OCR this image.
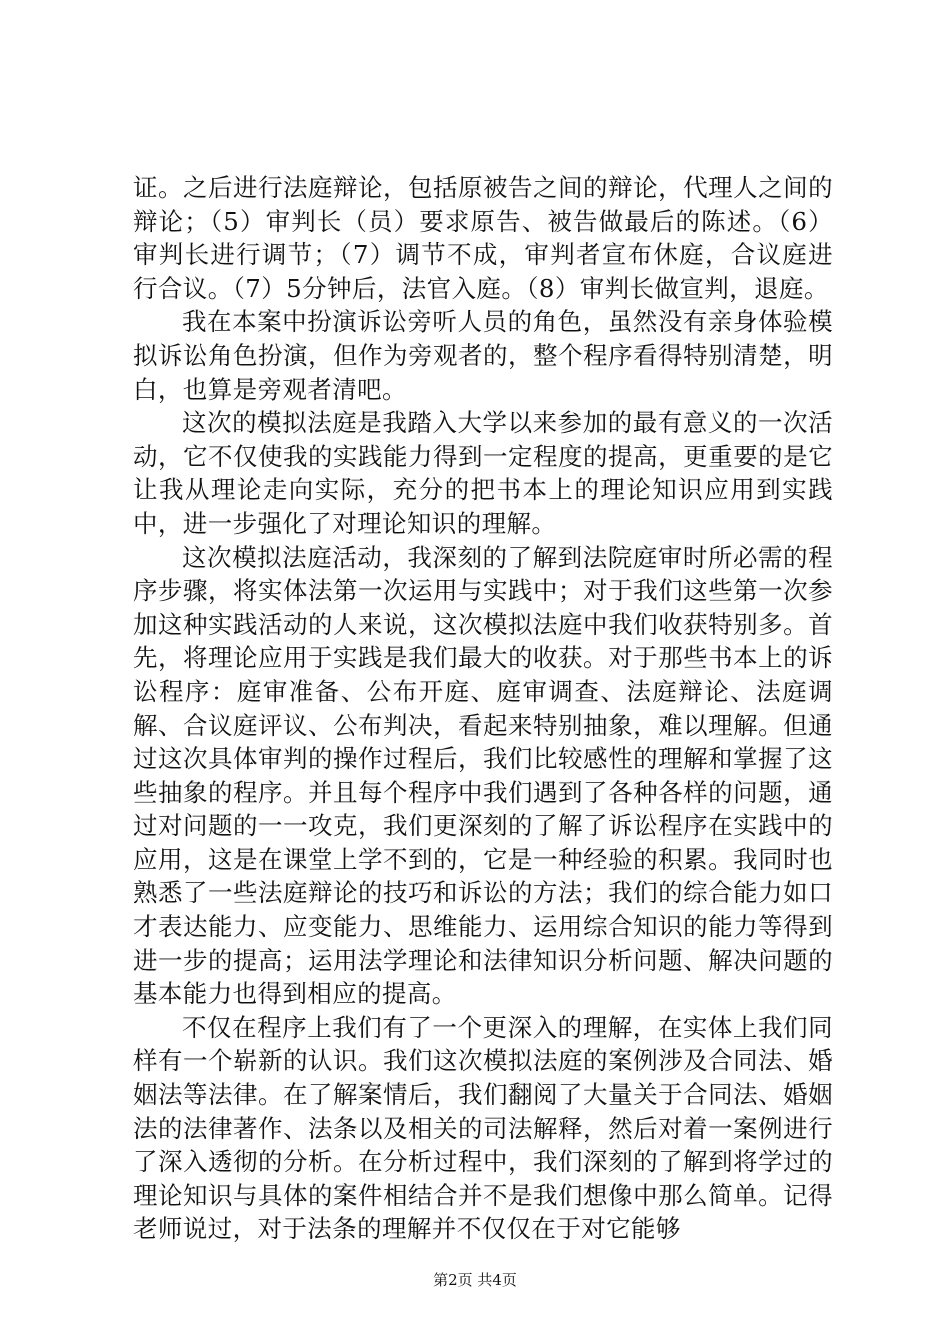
证。之后进行法庭辩论，包括原被告之间的辩论，代理人之间的辩论；（5）审判长（员）要求原告、被告做最后的陈述。（6）审判长进行调节；（7）调节不成，审判者宣布休庭，合议庭进行合议。（7）5分钟后，法官入庭。（8）审判长做宣判，退庭。

我在本案中扮演诉讼旁听人员的角色，虽然没有亲身体验模拟诉讼角色扮演，但作为旁观者的，整个程序看得特别清楚，明白，也算是旁观者清吧。

这次的模拟法庭是我踏入大学以来参加的最有意义的一次活动，它不仅使我的实践能力得到一定程度的提高，更重要的是它让我从理论走向实际，充分的把书本上的理论知识应用到实践中，进一步强化了对理论知识的理解。

这次模拟法庭活动，我深刻的了解到法院庭审时所必需的程序步骤，将实体法第一次运用与实践中；对于我们这些第一次参加这种实践活动的人来说，这次模拟法庭中我们收获特别多。首先，将理论应用于实践是我们最大的收获。对于那些书本上的诉讼程序：庭审准备、公布开庭、庭审调查、法庭辩论、法庭调解、合议庭评议、公布判决，看起来特别抽象，难以理解。但通过这次具体审判的操作过程后，我们比较感性的理解和掌握了这些抽象的程序。并且每个程序中我们遇到了各种各样的问题，通过对问题的一一攻克，我们更深刻的了解了诉讼程序在实践中的应用，这是在课堂上学不到的，它是一种经验的积累。我同时也熟悉了一些法庭辩论的技巧和诉讼的方法；我们的综合能力如口才表达能力、应变能力、思维能力、运用综合知识的能力等得到进一步的提高；运用法学理论和法律知识分析问题、解决问题的基本能力也得到相应的提高。

不仅在程序上我们有了一个更深入的理解，在实体上我们同样有一个崭新的认识。我们这次模拟法庭的案例涉及合同法、婚姻法等法律。在了解案情后，我们翻阅了大量关于合同法、婚姻法的法律著作、法条以及相关的司法解释，然后对着一案例进行了深入透彻的分析。在分析过程中，我们深刻的了解到将学过的理论知识与具体的案件相结合并不是我们想像中那么简单。记得老师说过，对于法条的理解并不仅仅在于对它能够

第2页 共4页
